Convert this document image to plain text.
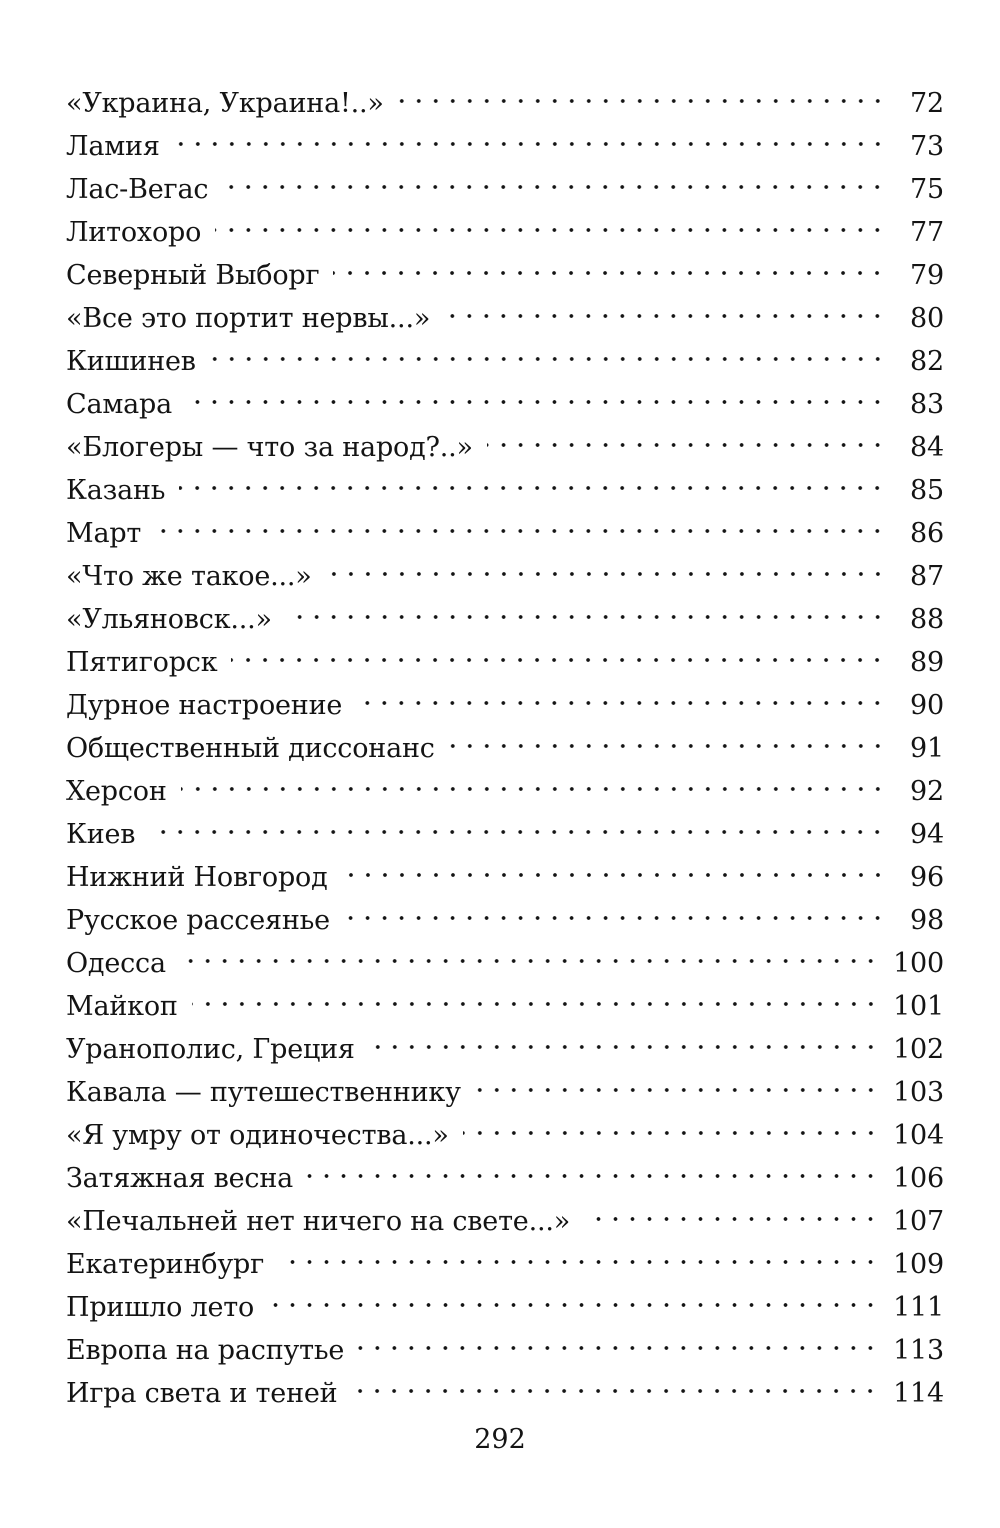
«Украина, Украина!..»	72
Ламия	73
Лас-Вегас	75
Литохоро	77
Северный Выборг	79
«Все это портит нервы...»	80
Кишинев	82
Самара	83
«Блогеры — что за народ?..»	84
Казань	85
Март	86
«Что же такое...»	87
«Ульяновск...»	88
Пятигорск	89
Дурное настроение	90
Общественный диссонанс	91
Херсон	92
Киев	94
Нижний Новгород	96
Русское рассеянье	98
Одесса	100
Майкоп	101
Уранополис, Греция	102
Кавала — путешественнику	103
«Я умру от одиночества...»	104
Затяжная весна	106
«Печальней нет ничего на свете...»	107
Екатеринбург	109
Пришло лето	111
Европа на распутье	113
Игра света и теней	114
292
